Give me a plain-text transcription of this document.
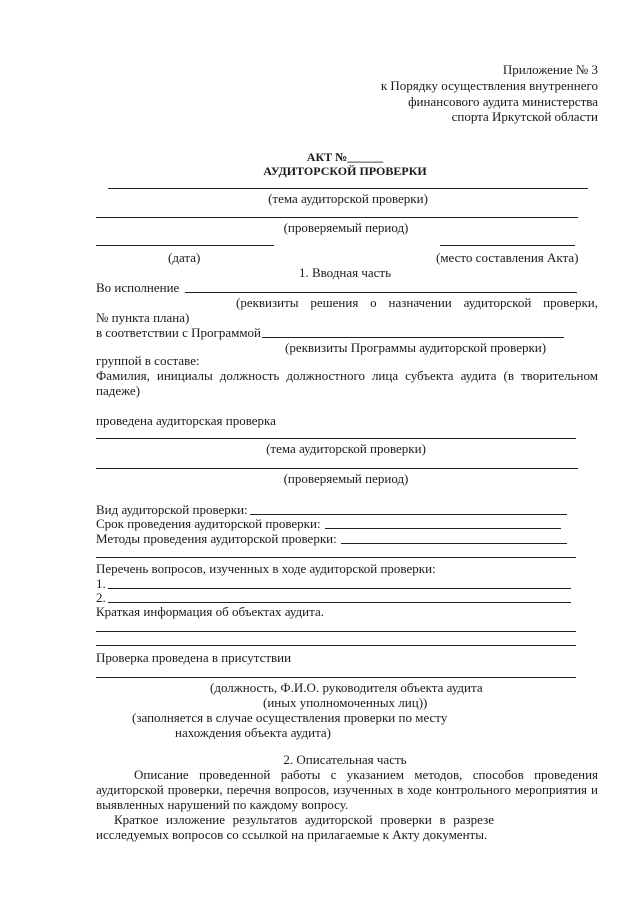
Приложение № 3
к Порядку осуществления внутреннего
финансового аудита министерства
спорта Иркутской области
АКТ №______
АУДИТОРСКОЙ ПРОВЕРКИ
(тема аудиторской проверки)
(проверяемый период)
(дата)	(место составления Акта)
1. Вводная часть
Во исполнение
(реквизиты решения о назначении аудиторской проверки,
№ пункта плана)
в соответствии с Программой
(реквизиты Программы аудиторской проверки)
группой в составе:
Фамилия, инициалы должность должностного лица субъекта аудита (в творительном
падеже)
проведена аудиторская проверка
(тема аудиторской проверки)
(проверяемый период)
Вид аудиторской проверки:
Срок проведения аудиторской проверки:
Методы проведения аудиторской проверки:
Перечень вопросов, изученных в ходе аудиторской проверки:
1.
2.
Краткая информация об объектах аудита.
Проверка проведена в присутствии
(должность, Ф.И.О. руководителя объекта аудита
(иных уполномоченных лиц))
(заполняется в случае осуществления проверки по месту
нахождения объекта аудита)
2. Описательная часть
Описание проведенной работы с указанием методов, способов проведения
аудиторской проверки, перечня вопросов, изученных в ходе контрольного мероприятия и
выявленных нарушений по каждому вопросу.
Краткое изложение результатов аудиторской проверки в разрезе
исследуемых вопросов со ссылкой на прилагаемые к Акту документы.
